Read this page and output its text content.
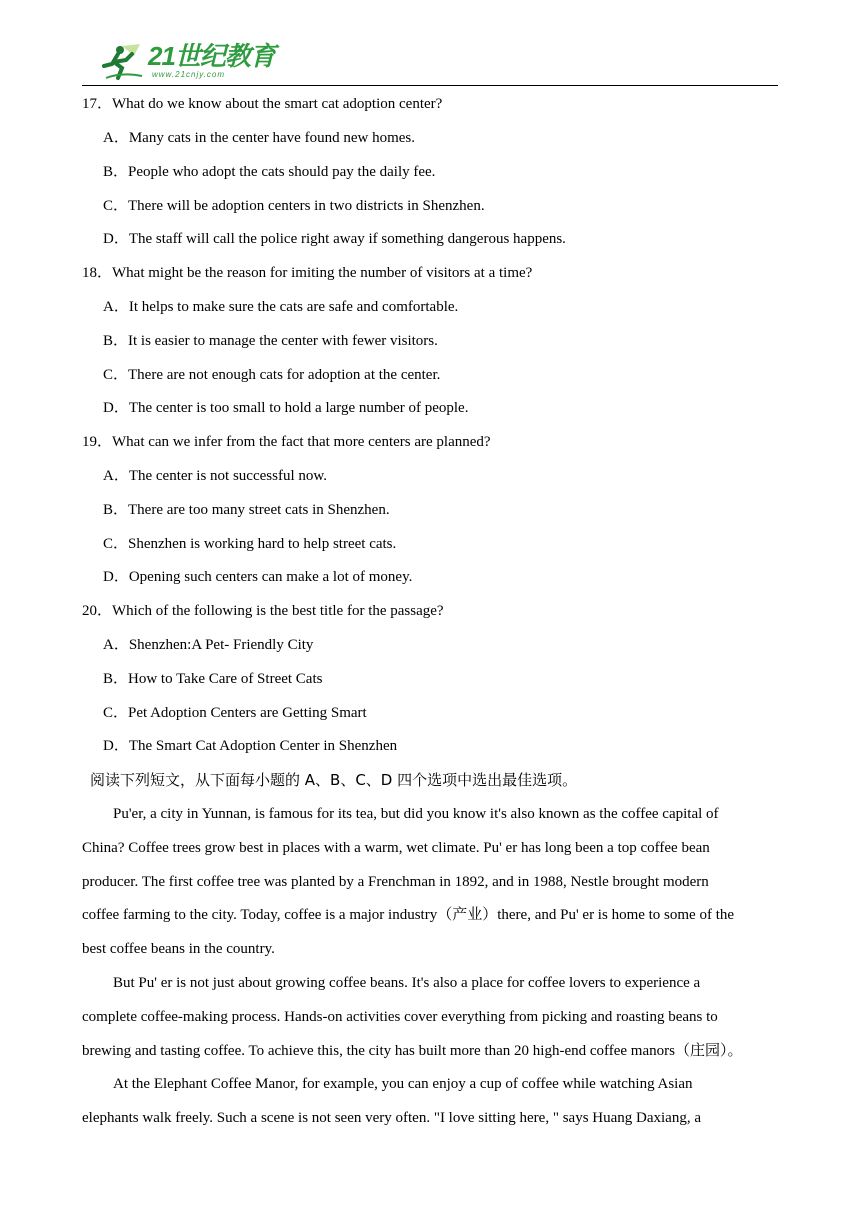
21世纪教育
www.21cnjy.com
17．What do we know about the smart cat adoption center?
A．Many cats in the center have found new homes.
B．People who adopt the cats should pay the daily fee.
C．There will be adoption centers in two districts in Shenzhen.
D．The staff will call the police right away if something dangerous happens.
18．What might be the reason for imiting the number of visitors at a time?
A．It helps to make sure the cats are safe and comfortable.
B．It is easier to manage the center with fewer visitors.
C．There are not enough cats for adoption at the center.
D．The center is too small to hold a large number of people.
19．What can we infer from the fact that more centers are planned?
A．The center is not successful now.
B．There are too many street cats in Shenzhen.
C．Shenzhen is working hard to help street cats.
D．Opening such centers can make a lot of money.
20．Which of the following is the best title for the passage?
A．Shenzhen:A Pet- Friendly City
B．How to Take Care of Street Cats
C．Pet Adoption Centers are Getting Smart
D．The Smart Cat Adoption Center in Shenzhen
阅读下列短文，从下面每小题的 A、B、C、D 四个选项中选出最佳选项。
Pu'er, a city in Yunnan, is famous for its tea, but did you know it's also known as the coffee capital of
China? Coffee trees grow best in places with a warm, wet climate. Pu' er has long been a top coffee bean
producer. The first coffee tree was planted by a Frenchman in 1892, and in 1988, Nestle brought modern
coffee farming to the city. Today, coffee is a major industry（产业）there, and Pu' er is home to some of the
best coffee beans in the country.
But Pu' er is not just about growing coffee beans. It's also a place for coffee lovers to experience a
complete coffee-making process. Hands-on activities cover everything from picking and roasting beans to
brewing and tasting coffee. To achieve this, the city has built more than 20 high-end coffee manors（庄园）。
At the Elephant Coffee Manor, for example, you can enjoy a cup of coffee while watching Asian
elephants walk freely. Such a scene is not seen very often. "I love sitting here, " says Huang Daxiang, a
